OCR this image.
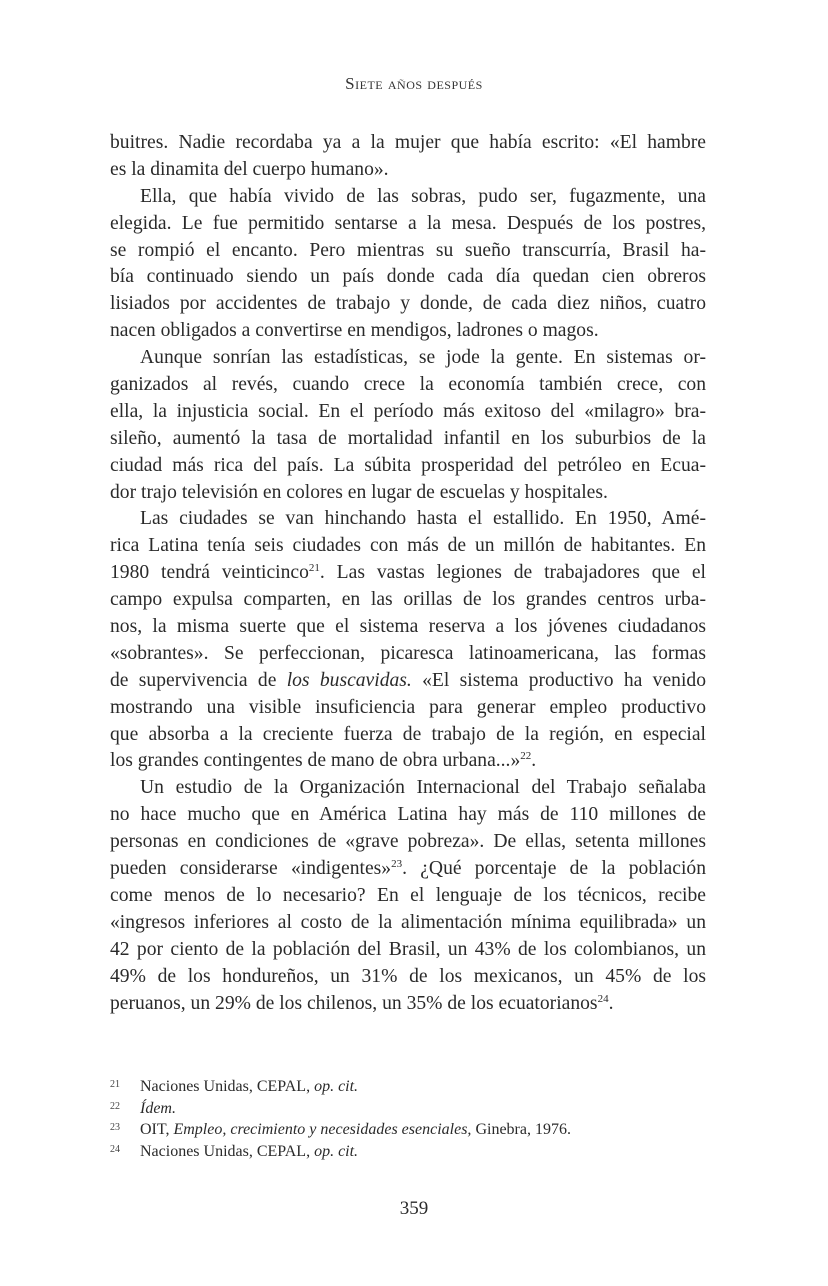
Siete años después
buitres. Nadie recordaba ya a la mujer que había escrito: «El hambre
es la dinamita del cuerpo humano».
Ella, que había vivido de las sobras, pudo ser, fugazmente, una
elegida. Le fue permitido sentarse a la mesa. Después de los postres,
se rompió el encanto. Pero mientras su sueño transcurría, Brasil ha-
bía continuado siendo un país donde cada día quedan cien obreros
lisiados por accidentes de trabajo y donde, de cada diez niños, cuatro
nacen obligados a convertirse en mendigos, ladrones o magos.
Aunque sonrían las estadísticas, se jode la gente. En sistemas or-
ganizados al revés, cuando crece la economía también crece, con
ella, la injusticia social. En el período más exitoso del «milagro» bra-
sileño, aumentó la tasa de mortalidad infantil en los suburbios de la
ciudad más rica del país. La súbita prosperidad del petróleo en Ecua-
dor trajo televisión en colores en lugar de escuelas y hospitales.
Las ciudades se van hinchando hasta el estallido. En 1950, Amé-
rica Latina tenía seis ciudades con más de un millón de habitantes. En
1980 tendrá veinticinco$^{21}$. Las vastas legiones de trabajadores que el
campo expulsa comparten, en las orillas de los grandes centros urba-
nos, la misma suerte que el sistema reserva a los jóvenes ciudadanos
«sobrantes». Se perfeccionan, picaresca latinoamericana, las formas
de supervivencia de los buscavidas. «El sistema productivo ha venido
mostrando una visible insuficiencia para generar empleo productivo
que absorba a la creciente fuerza de trabajo de la región, en especial
los grandes contingentes de mano de obra urbana...»$^{22}$.
Un estudio de la Organización Internacional del Trabajo señalaba
no hace mucho que en América Latina hay más de 110 millones de
personas en condiciones de «grave pobreza». De ellas, setenta millones
pueden considerarse «indigentes»$^{23}$. ¿Qué porcentaje de la población
come menos de lo necesario? En el lenguaje de los técnicos, recibe
«ingresos inferiores al costo de la alimentación mínima equilibrada» un
42 por ciento de la población del Brasil, un 43% de los colombianos, un
49% de los hondureños, un 31% de los mexicanos, un 45% de los
peruanos, un 29% de los chilenos, un 35% de los ecuatorianos$^{24}$.
21 Naciones Unidas, CEPAL, op. cit.
22 Ídem.
23 OIT, Empleo, crecimiento y necesidades esenciales, Ginebra, 1976.
24 Naciones Unidas, CEPAL, op. cit.
359
